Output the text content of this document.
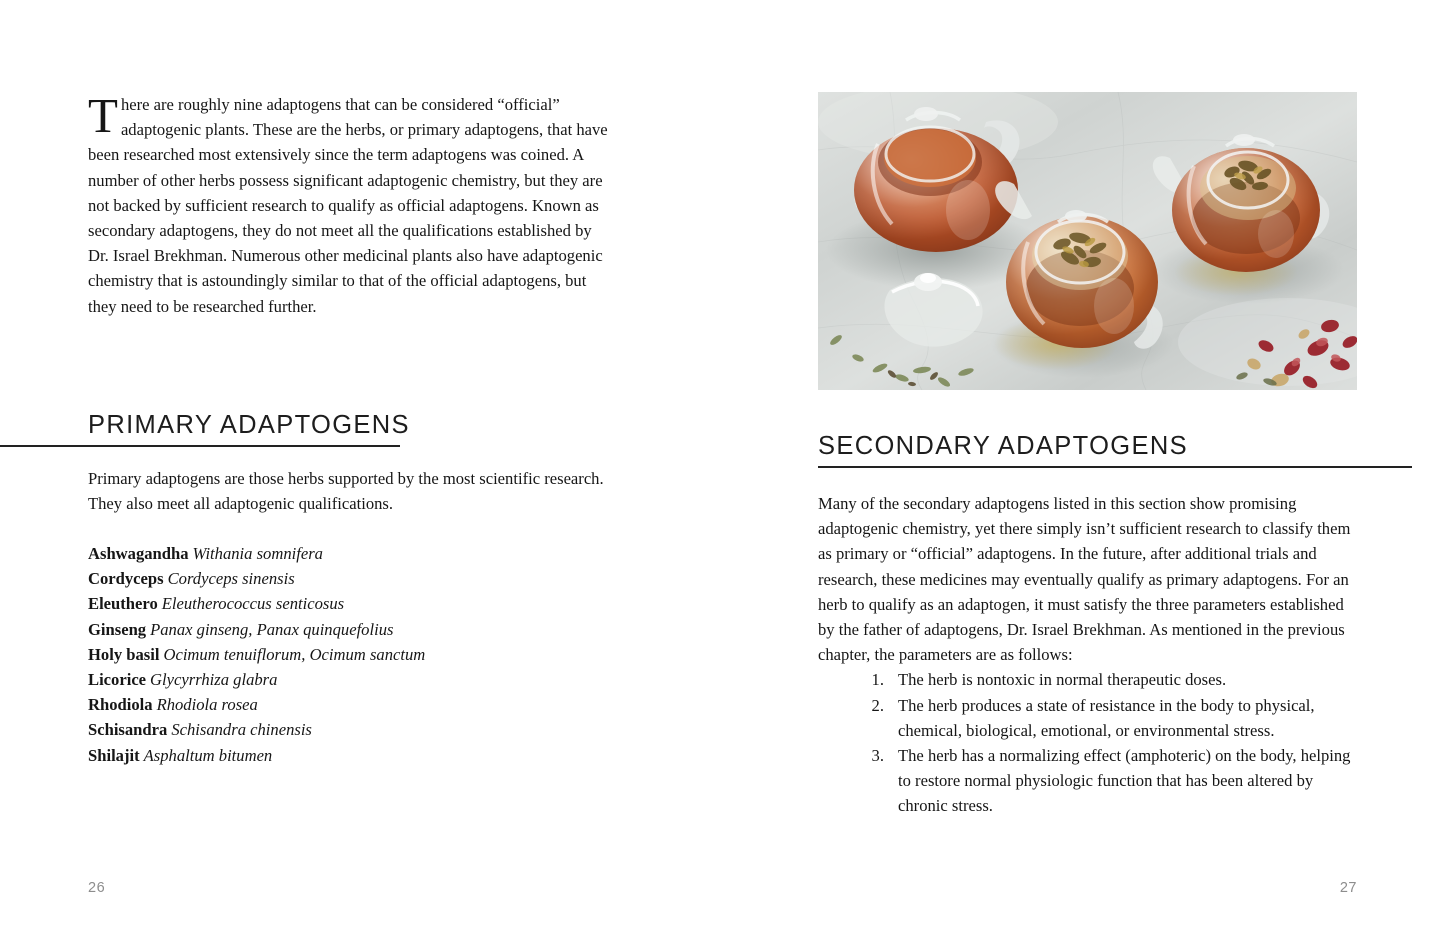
There are roughly nine adaptogens that can be considered “official” adaptogenic plants. These are the herbs, or primary adaptogens, that have been researched most extensively since the term adaptogens was coined. A number of other herbs possess significant adaptogenic chemistry, but they are not backed by sufficient research to qualify as official adaptogens. Known as secondary adaptogens, they do not meet all the qualifications established by Dr. Israel Brekhman. Numerous other medicinal plants also have adaptogenic chemistry that is astoundingly similar to that of the official adaptogens, but they need to be researched further.

PRIMARY ADAPTOGENS

Primary adaptogens are those herbs supported by the most scientific research. They also meet all adaptogenic qualifications.

Ashwagandha Withania somnifera
Cordyceps Cordyceps sinensis
Eleuthero Eleutherococcus senticosus
Ginseng Panax ginseng, Panax quinquefolius
Holy basil Ocimum tenuiflorum, Ocimum sanctum
Licorice Glycyrrhiza glabra
Rhodiola Rhodiola rosea
Schisandra Schisandra chinensis
Shilajit Asphaltum bitumen
26
SECONDARY ADAPTOGENS

Many of the secondary adaptogens listed in this section show promising adaptogenic chemistry, yet there simply isn’t sufficient research to classify them as primary or “official” adaptogens. In the future, after additional trials and research, these medicines may eventually qualify as primary adaptogens. For an herb to qualify as an adaptogen, it must satisfy the three parameters established by the father of adaptogens, Dr. Israel Brekhman. As mentioned in the previous chapter, the parameters are as follows:

The herb is nontoxic in normal therapeutic doses.
The herb produces a state of resistance in the body to physical, chemical, biological, emotional, or environmental stress.
The herb has a normalizing effect (amphoteric) on the body, helping to restore normal physiologic function that has been altered by chronic stress.
27
